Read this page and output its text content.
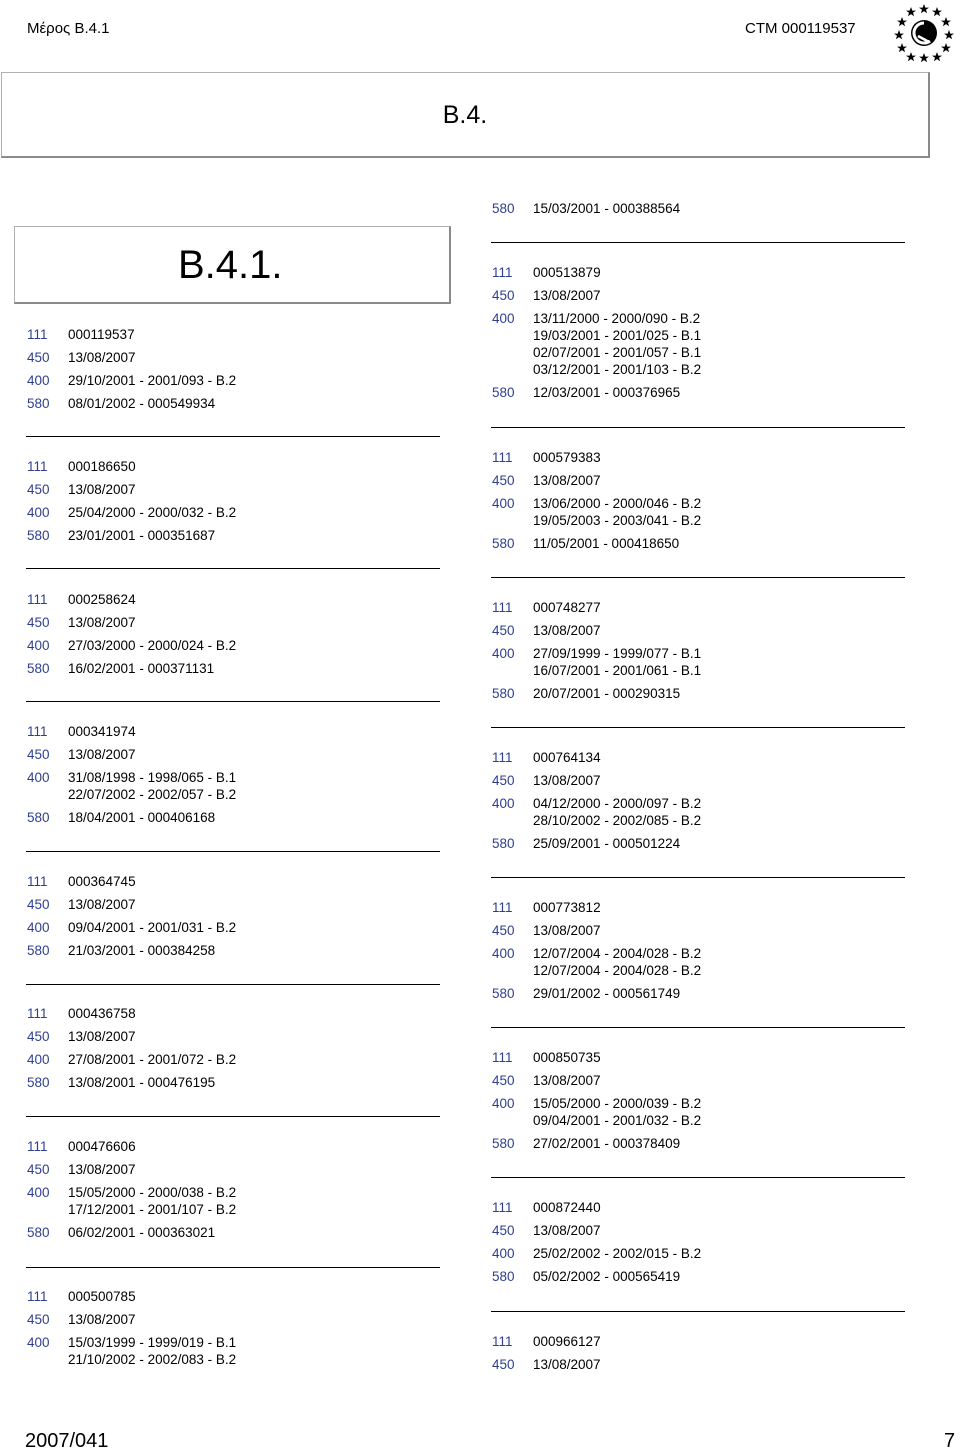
Μέρος Β.4.1	CTM 000119537
B.4.
B.4.1.
111 000119537
450 13/08/2007
400 29/10/2001 - 2001/093 - B.2
580 08/01/2002 - 000549934
111 000186650
450 13/08/2007
400 25/04/2000 - 2000/032 - B.2
580 23/01/2001 - 000351687
111 000258624
450 13/08/2007
400 27/03/2000 - 2000/024 - B.2
580 16/02/2001 - 000371131
111 000341974
450 13/08/2007
400 31/08/1998 - 1998/065 - B.1
22/07/2002 - 2002/057 - B.2
580 18/04/2001 - 000406168
111 000364745
450 13/08/2007
400 09/04/2001 - 2001/031 - B.2
580 21/03/2001 - 000384258
111 000436758
450 13/08/2007
400 27/08/2001 - 2001/072 - B.2
580 13/08/2001 - 000476195
111 000476606
450 13/08/2007
400 15/05/2000 - 2000/038 - B.2
17/12/2001 - 2001/107 - B.2
580 06/02/2001 - 000363021
111 000500785
450 13/08/2007
400 15/03/1999 - 1999/019 - B.1
21/10/2002 - 2002/083 - B.2
580 15/03/2001 - 000388564
111 000513879
450 13/08/2007
400 13/11/2000 - 2000/090 - B.2
19/03/2001 - 2001/025 - B.1
02/07/2001 - 2001/057 - B.1
03/12/2001 - 2001/103 - B.2
580 12/03/2001 - 000376965
111 000579383
450 13/08/2007
400 13/06/2000 - 2000/046 - B.2
19/05/2003 - 2003/041 - B.2
580 11/05/2001 - 000418650
111 000748277
450 13/08/2007
400 27/09/1999 - 1999/077 - B.1
16/07/2001 - 2001/061 - B.1
580 20/07/2001 - 000290315
111 000764134
450 13/08/2007
400 04/12/2000 - 2000/097 - B.2
28/10/2002 - 2002/085 - B.2
580 25/09/2001 - 000501224
111 000773812
450 13/08/2007
400 12/07/2004 - 2004/028 - B.2
12/07/2004 - 2004/028 - B.2
580 29/01/2002 - 000561749
111 000850735
450 13/08/2007
400 15/05/2000 - 2000/039 - B.2
09/04/2001 - 2001/032 - B.2
580 27/02/2001 - 000378409
111 000872440
450 13/08/2007
400 25/02/2002 - 2002/015 - B.2
580 05/02/2002 - 000565419
111 000966127
450 13/08/2007
2007/041	7
